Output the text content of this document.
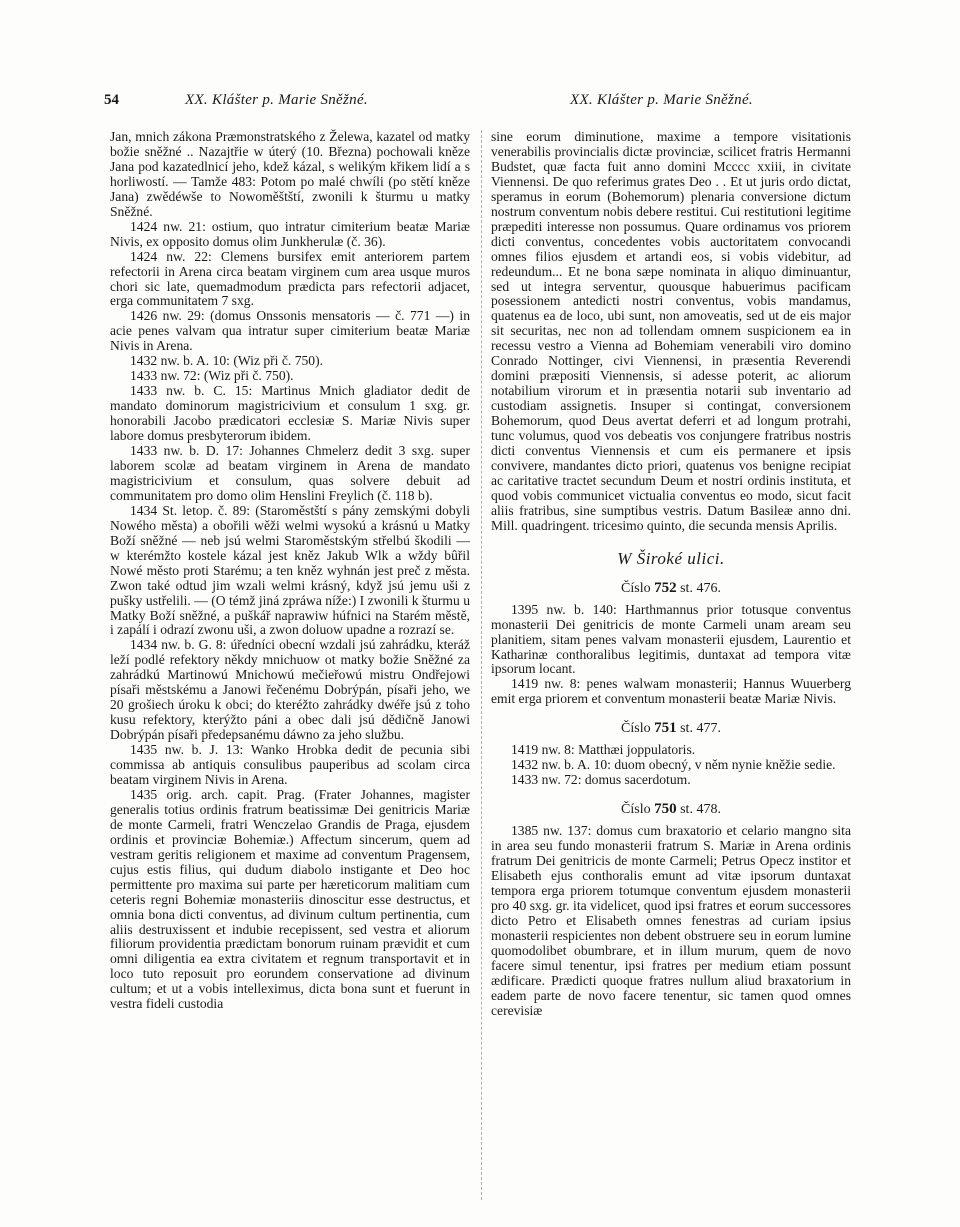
54	XX. Klášter p. Marie Sněžné.	XX. Klášter p. Marie Sněžné.

Jan, mnich zákona Præmonstratského z Želewa, kazatel od matky božie sněžné .. Nazajtřie w úterý (10. Března) pochowali kněze Jana pod kazatedlnicí jeho, kdež kázal, s welikým křikem lidí a s horliwostí. — Tamže 483: Potom po malé chwíli (po stětí kněze Jana) zwědéwše to Nowoměštští, zwonili k šturmu u matky Sněžné.

1424 nw. 21: ostium, quo intratur cimiterium beatæ Mariæ Nivis, ex opposito domus olim Junkherulæ (č. 36).

1424 nw. 22: Clemens bursifex emit anteriorem partem refectorii in Arena circa beatam virginem cum area usque muros chori sic late, quemadmodum prædicta pars refectorii adjacet, erga communitatem 7 sxg.

1426 nw. 29: (domus Onssonis mensatoris — č. 771 —) in acie penes valvam qua intratur super cimiterium beatæ Mariæ Nivis in Arena.

1432 nw. b. A. 10: (Wiz při č. 750).

1433 nw. 72: (Wiz při č. 750).

1433 nw. b. C. 15: Martinus Mnich gladiator dedit de mandato dominorum magistricivium et consulum 1 sxg. gr. honorabili Jacobo prædicatori ecclesiæ S. Mariæ Nivis super labore domus presbyterorum ibidem.

1433 nw. b. D. 17: Johannes Chmelerz dedit 3 sxg. super laborem scolæ ad beatam virginem in Arena de mandato magistricivium et consulum, quas solvere debuit ad communitatem pro domo olim Henslini Freylich (č. 118 b).

1434 St. letop. č. 89: (Staroměstští s pány zemskými dobyli Nowého města) a obořili wěži welmi wysokú a krásnú u Matky Boží sněžné — neb jsú welmi Staroměstským střelbú škodili — w kterémžto kostele kázal jest kněz Jakub Wlk a wždy bûřil Nowé město proti Starému; a ten kněz wyhnán jest preč z města. Zwon také odtud jim wzali welmi krásný, když jsú jemu uši z pušky ustřelili. — (O témž jiná zpráwa níže:) I zwonili k šturmu u Matky Boží sněžné, a puškář naprawiw húfnici na Starém městě, i zapálí i odrazí zwonu uši, a zwon doluow upadne a rozrazí se.

1434 nw. b. G. 8: úředníci obecní wzdali jsú zahrádku, kteráž leží podlé refektory někdy mnichuow ot matky božie Sněžné za zahrádkú Martinowú Mnichowú mečieřowú mistru Ondřejowi písaři městskému a Janowi řečenému Dobrýpán, písaři jeho, we 20 grošiech úroku k obci; do kteréžto zahrádky dwéře jsú z toho kusu refektory, kterýžto páni a obec dali jsú dědičně Janowi Dobrýpán písaři předepsanému dáwno za jeho službu.

1435 nw. b. J. 13: Wanko Hrobka dedit de pecunia sibi commissa ab antiquis consulibus pauperibus ad scolam circa beatam virginem Nivis in Arena.

1435 orig. arch. capit. Prag. (Frater Johannes, magister generalis totius ordinis fratrum beatissimæ Dei genitricis Mariæ de monte Carmeli, fratri Wenczelao Grandis de Praga, ejusdem ordinis et provinciæ Bohemiæ.) Affectum sincerum, quem ad vestram geritis religionem et maxime ad conventum Pragensem, cujus estis filius, qui dudum diabolo instigante et Deo hoc permittente pro maxima sui parte per hæreticorum malitiam cum ceteris regni Bohemiæ monasteriis dinoscitur esse destructus, et omnia bona dicti conventus, ad divinum cultum pertinentia, cum aliis destruxissent et indubie recepissent, sed vestra et aliorum filiorum providentia prædictam bonorum ruinam prævidit et cum omni diligentia ea extra civitatem et regnum transportavit et in loco tuto reposuit pro eorundem conservatione ad divinum cultum; et ut a vobis intelleximus, dicta bona sunt et fuerunt in vestra fideli custodia

sine eorum diminutione, maxime a tempore visitationis venerabilis provincialis dictæ provinciæ, scilicet fratris Hermanni Budstet, quæ facta fuit anno domini Mcccc xxiii, in civitate Viennensi. De quo referimus grates Deo . . Et ut juris ordo dictat, speramus in eorum (Bohemorum) plenaria conversione dictum nostrum conventum nobis debere restitui. Cui restitutioni legitime præpediti interesse non possumus. Quare ordinamus vos priorem dicti conventus, concedentes vobis auctoritatem convocandi omnes filios ejusdem et artandi eos, si vobis videbitur, ad redeundum... Et ne bona sæpe nominata in aliquo diminuantur, sed ut integra serventur, quousque habuerimus pacificam posessionem antedicti nostri conventus, vobis mandamus, quatenus ea de loco, ubi sunt, non amoveatis, sed ut de eis major sit securitas, nec non ad tollendam omnem suspicionem ea in recessu vestro a Vienna ad Bohemiam venerabili viro domino Conrado Nottinger, civi Viennensi, in præsentia Reverendi domini præpositi Viennensis, si adesse poterit, ac aliorum notabilium virorum et in præsentia notarii sub inventario ad custodiam assignetis. Insuper si contingat, conversionem Bohemorum, quod Deus avertat deferri et ad longum protrahi, tunc volumus, quod vos debeatis vos conjungere fratribus nostris dicti conventus Viennensis et cum eis permanere et ipsis convivere, mandantes dicto priori, quatenus vos benigne recipiat ac caritative tractet secundum Deum et nostri ordinis instituta, et quod vobis communicet victualia conventus eo modo, sicut facit aliis fratribus, sine sumptibus vestris. Datum Basileæ anno dni. Mill. quadringent. tricesimo quinto, die secunda mensis Aprilis.

W Široké ulici.
Číslo 752 st. 476.

1395 nw. b. 140: Harthmannus prior totusque conventus monasterii Dei genitricis de monte Carmeli unam aream seu planitiem, sitam penes valvam monasterii ejusdem, Laurentio et Katharinæ conthoralibus legitimis, duntaxat ad tempora vitæ ipsorum locant.

1419 nw. 8: penes walwam monasterii; Hannus Wuuerberg emit erga priorem et conventum monasterii beatæ Mariæ Nivis.

Číslo 751 st. 477.

1419 nw. 8: Matthæi joppulatoris.

1432 nw. b. A. 10: duom obecný, v něm nynie kněžie sedie.

1433 nw. 72: domus sacerdotum.

Číslo 750 st. 478.

1385 nw. 137: domus cum braxatorio et celario mangno sita in area seu fundo monasterii fratrum S. Mariæ in Arena ordinis fratrum Dei genitricis de monte Carmeli; Petrus Opecz institor et Elisabeth ejus conthoralis emunt ad vitæ ipsorum duntaxat tempora erga priorem totumque conventum ejusdem monasterii pro 40 sxg. gr. ita videlicet, quod ipsi fratres et eorum successores dicto Petro et Elisabeth omnes fenestras ad curiam ipsius monasterii respicientes non debent obstruere seu in eorum lumine quomodolibet obumbrare, et in illum murum, quem de novo facere simul tenentur, ipsi fratres per medium etiam possunt ædificare. Prædicti quoque fratres nullum aliud braxatorium in eadem parte de novo facere tenentur, sic tamen quod omnes cerevisiæ
